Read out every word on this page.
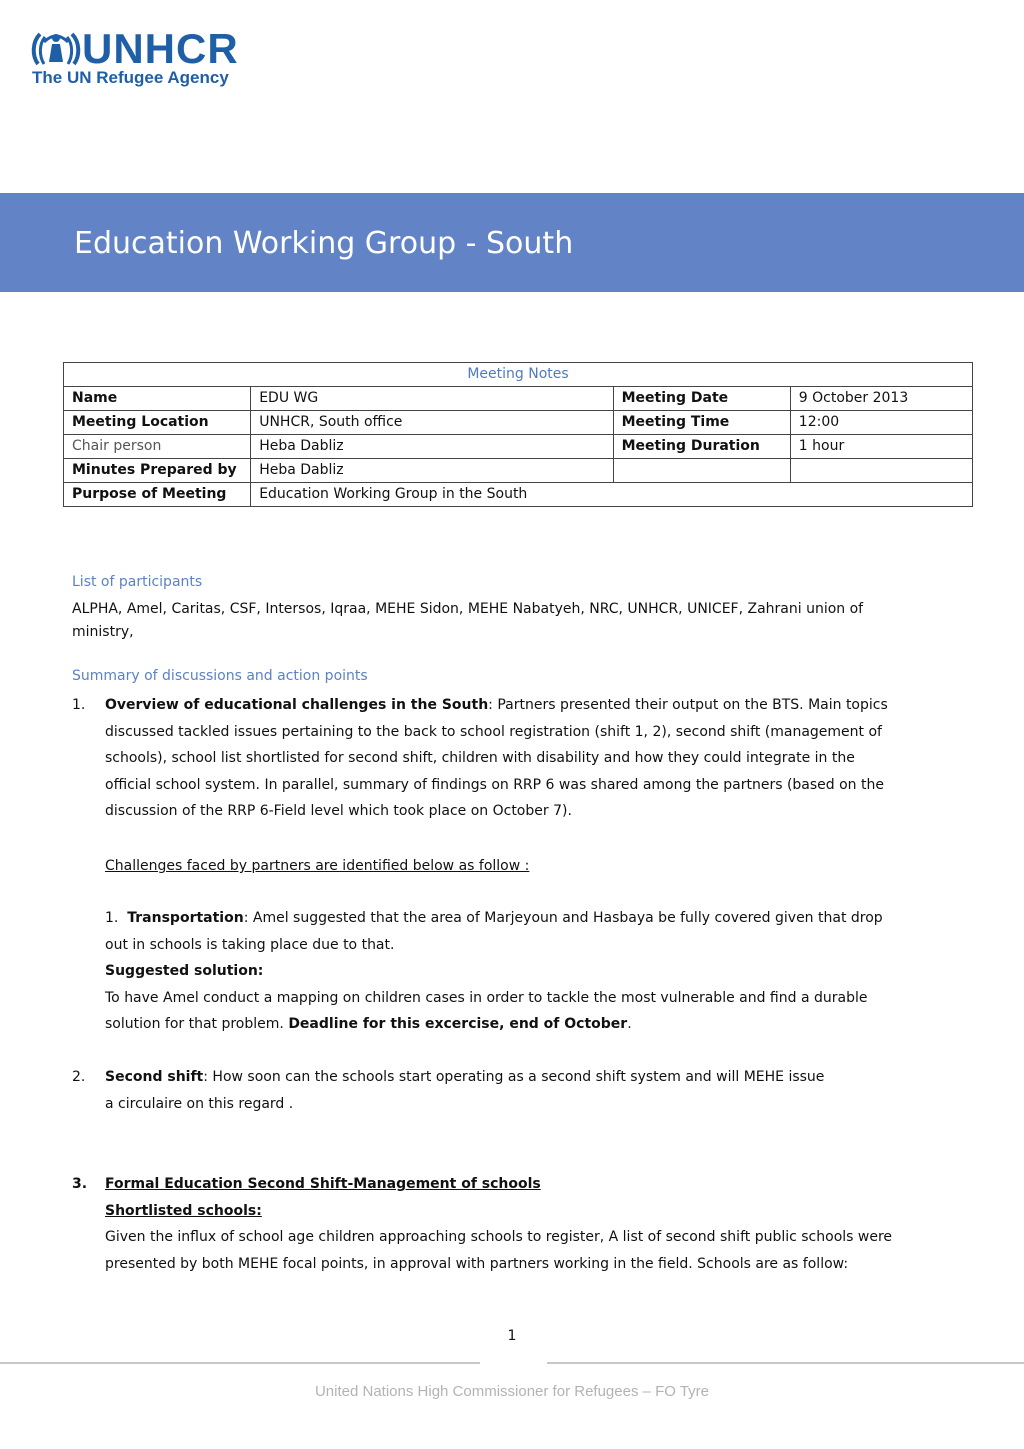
UNHCR
The UN Refugee Agency
Education Working Group - South
Meeting Notes			
Name	EDU WG	Meeting Date	9 October 2013
Meeting Location	UNHCR, South office	Meeting Time	12:00
Chair person	Heba Dabliz	Meeting Duration	1 hour
Minutes Prepared by	Heba Dabliz		
Purpose of Meeting	Education Working Group in the South		
List of participants
ALPHA, Amel, Caritas, CSF, Intersos, Iqraa, MEHE Sidon, MEHE Nabatyeh, NRC, UNHCR, UNICEF, Zahrani union of
ministry,
Summary of discussions and action points
1. Overview of educational challenges in the South: Partners presented their output on the BTS. Main topics
discussed tackled issues pertaining to the back to school registration (shift 1, 2), second shift (management of
schools), school list shortlisted for second shift, children with disability and how they could integrate in the
official school system. In parallel, summary of findings on RRP 6 was shared among the partners (based on the
discussion of the RRP 6-Field level which took place on October 7).
Challenges faced by partners are identified below as follow :
1. Transportation: Amel suggested that the area of Marjeyoun and Hasbaya be fully covered given that drop
out in schools is taking place due to that.
Suggested solution:
To have Amel conduct a mapping on children cases in order to tackle the most vulnerable and find a durable
solution for that problem. Deadline for this excercise, end of October.
2. Second shift: How soon can the schools start operating as a second shift system and will MEHE issue
a circulaire on this regard .
3. Formal Education Second Shift-Management of schools
Shortlisted schools:
Given the influx of school age children approaching schools to register, A list of second shift public schools were
presented by both MEHE focal points, in approval with partners working in the field. Schools are as follow:
1
United Nations High Commissioner for Refugees – FO Tyre
